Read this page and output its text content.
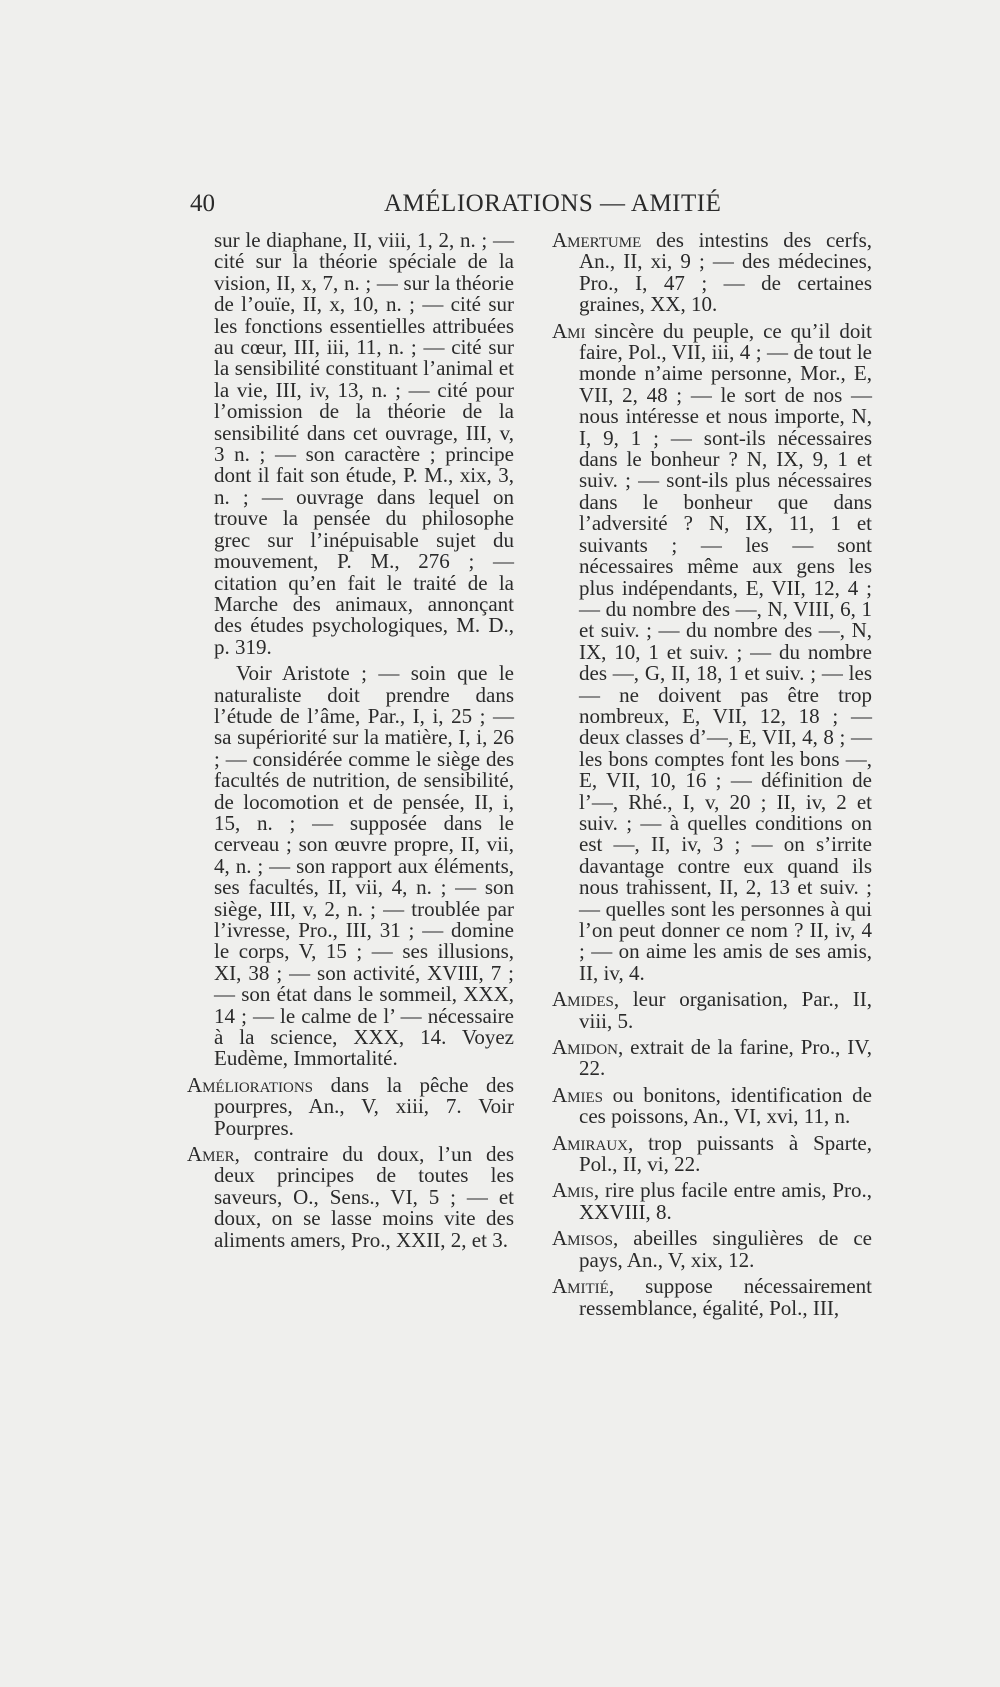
40	AMÉLIORATIONS — AMITIÉ

sur le diaphane, II, viii, 1, 2, n. ; — cité sur la théorie spéciale de la vision, II, x, 7, n. ; — sur la théorie de l’ouïe, II, x, 10, n. ; — cité sur les fonctions essentielles attribuées au cœur, III, iii, 11, n. ; — cité sur la sensibilité constituant l’animal et la vie, III, iv, 13, n. ; — cité pour l’omission de la théorie de la sensibilité dans cet ouvrage, III, v, 3 n. ; — son caractère ; principe dont il fait son étude, P. M., xix, 3, n. ; — ouvrage dans lequel on trouve la pensée du philosophe grec sur l’inépuisable sujet du mouvement, P. M., 276 ; — citation qu’en fait le traité de la Marche des animaux, annonçant des études psychologiques, M. D., p. 319.

Voir Aristote ; — soin que le naturaliste doit prendre dans l’étude de l’âme, Par., I, i, 25 ; — sa supériorité sur la matière, I, i, 26 ; — considérée comme le siège des facultés de nutrition, de sensibilité, de locomotion et de pensée, II, i, 15, n. ; — supposée dans le cerveau ; son œuvre propre, II, vii, 4, n. ; — son rapport aux éléments, ses facultés, II, vii, 4, n. ; — son siège, III, v, 2, n. ; — troublée par l’ivresse, Pro., III, 31 ; — domine le corps, V, 15 ; — ses illusions, XI, 38 ; — son activité, XVIII, 7 ; — son état dans le sommeil, XXX, 14 ; — le calme de l’ — nécessaire à la science, XXX, 14. Voyez Eudème, Immortalité.

Améliorations dans la pêche des pourpres, An., V, xiii, 7. Voir Pourpres.

Amer, contraire du doux, l’un des deux principes de toutes les saveurs, O., Sens., VI, 5 ; — et doux, on se lasse moins vite des aliments amers, Pro., XXII, 2, et 3.

Amertume des intestins des cerfs, An., II, xi, 9 ; — des médecines, Pro., I, 47 ; — de certaines graines, XX, 10.

Ami sincère du peuple, ce qu’il doit faire, Pol., VII, iii, 4 ; — de tout le monde n’aime personne, Mor., E, VII, 2, 48 ; — le sort de nos — nous intéresse et nous importe, N, I, 9, 1 ; — sont-ils nécessaires dans le bonheur ? N, IX, 9, 1 et suiv. ; — sont-ils plus nécessaires dans le bonheur que dans l’adversité ? N, IX, 11, 1 et suivants ; — les — sont nécessaires même aux gens les plus indépendants, E, VII, 12, 4 ; — du nombre des —, N, VIII, 6, 1 et suiv. ; — du nombre des —, N, IX, 10, 1 et suiv. ; — du nombre des —, G, II, 18, 1 et suiv. ; — les — ne doivent pas être trop nombreux, E, VII, 12, 18 ; — deux classes d’—, E, VII, 4, 8 ; — les bons comptes font les bons —, E, VII, 10, 16 ; — définition de l’—, Rhé., I, v, 20 ; II, iv, 2 et suiv. ; — à quelles conditions on est —, II, iv, 3 ; — on s’irrite davantage contre eux quand ils nous trahissent, II, 2, 13 et suiv. ; — quelles sont les personnes à qui l’on peut donner ce nom ? II, iv, 4 ; — on aime les amis de ses amis, II, iv, 4.

Amides, leur organisation, Par., II, viii, 5.

Amidon, extrait de la farine, Pro., IV, 22.

Amies ou bonitons, identification de ces poissons, An., VI, xvi, 11, n.

Amiraux, trop puissants à Sparte, Pol., II, vi, 22.

Amis, rire plus facile entre amis, Pro., XXVIII, 8.

Amisos, abeilles singulières de ce pays, An., V, xix, 12.

Amitié, suppose nécessairement ressemblance, égalité, Pol., III,
